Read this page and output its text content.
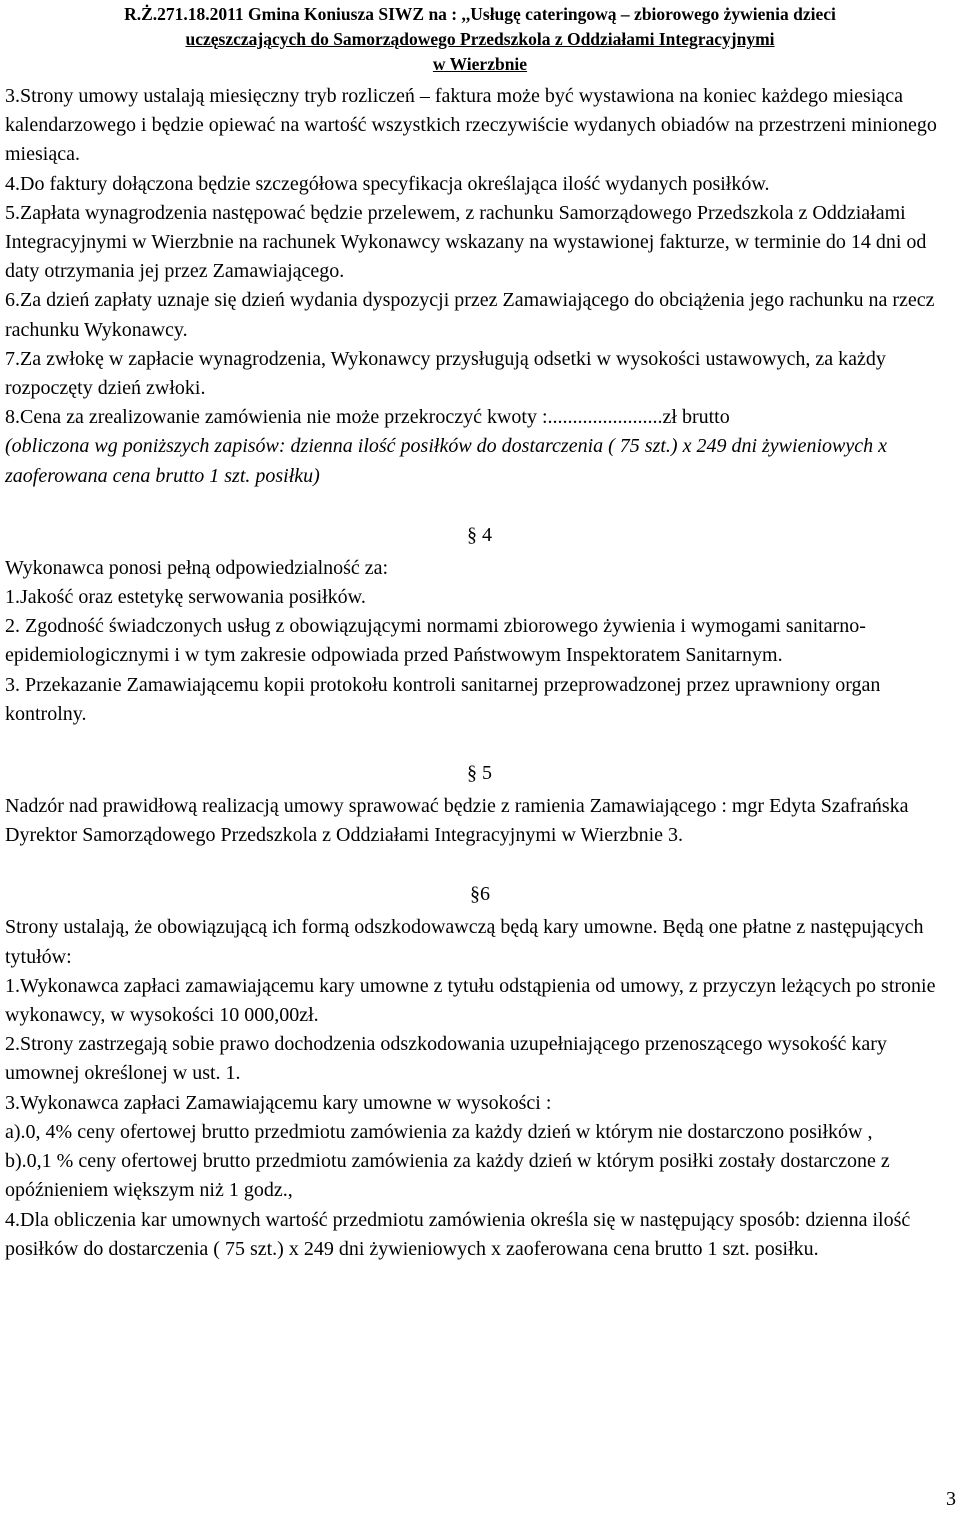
R.Ż.271.18.2011 Gmina Koniusza SIWZ na : ,,Usługę cateringową – zbiorowego żywienia dzieci
uczęszczających do Samorządowego Przedszkola z Oddziałami Integracyjnymi
w Wierzbnie
3.Strony umowy ustalają miesięczny tryb rozliczeń – faktura może być wystawiona na koniec każdego miesiąca kalendarzowego i będzie opiewać na wartość wszystkich rzeczywiście wydanych obiadów na przestrzeni minionego miesiąca.
4.Do faktury dołączona będzie szczegółowa specyfikacja określająca ilość wydanych posiłków.
5.Zapłata wynagrodzenia następować będzie przelewem, z rachunku Samorządowego Przedszkola z Oddziałami Integracyjnymi w Wierzbnie na rachunek Wykonawcy wskazany na wystawionej fakturze, w terminie do 14 dni od daty otrzymania jej przez Zamawiającego.
6.Za dzień zapłaty uznaje się dzień wydania dyspozycji przez Zamawiającego do obciążenia jego rachunku na rzecz rachunku Wykonawcy.
7.Za zwłokę w zapłacie wynagrodzenia, Wykonawcy przysługują odsetki w wysokości ustawowych, za każdy rozpoczęty dzień zwłoki.
8.Cena za zrealizowanie zamówienia nie może przekroczyć kwoty :.......................zł brutto
(obliczona wg poniższych zapisów: dzienna ilość posiłków do dostarczenia ( 75 szt.) x 249 dni żywieniowych x zaoferowana cena brutto 1 szt. posiłku)
§ 4
Wykonawca ponosi pełną odpowiedzialność za:
1.Jakość oraz estetykę serwowania posiłków.
2. Zgodność świadczonych usług z obowiązującymi normami zbiorowego żywienia i wymogami sanitarno-epidemiologicznymi i w tym zakresie odpowiada przed Państwowym Inspektoratem Sanitarnym.
3. Przekazanie Zamawiającemu kopii protokołu kontroli sanitarnej przeprowadzonej przez uprawniony organ kontrolny.
§ 5
Nadzór nad prawidłową realizacją umowy sprawować będzie z ramienia Zamawiającego : mgr Edyta Szafrańska Dyrektor Samorządowego Przedszkola z Oddziałami Integracyjnymi w Wierzbnie 3.
§6
Strony ustalają, że obowiązującą ich formą odszkodowawczą będą kary umowne. Będą one płatne z następujących tytułów:
1.Wykonawca zapłaci zamawiającemu kary umowne z tytułu odstąpienia od umowy, z przyczyn leżących po stronie wykonawcy, w wysokości 10 000,00zł.
2.Strony zastrzegają sobie prawo dochodzenia odszkodowania uzupełniającego przenoszącego wysokość kary umownej określonej w ust. 1.
3.Wykonawca zapłaci Zamawiającemu kary umowne w wysokości :
a).0, 4% ceny ofertowej brutto przedmiotu zamówienia za każdy dzień w którym nie dostarczono posiłków ,
b).0,1 % ceny ofertowej brutto przedmiotu zamówienia za każdy dzień w którym posiłki zostały dostarczone z opóźnieniem większym niż 1 godz.,
4.Dla obliczenia kar umownych wartość przedmiotu zamówienia określa się w następujący sposób: dzienna ilość posiłków do dostarczenia ( 75 szt.) x 249 dni żywieniowych x zaoferowana cena brutto 1 szt. posiłku.
3
